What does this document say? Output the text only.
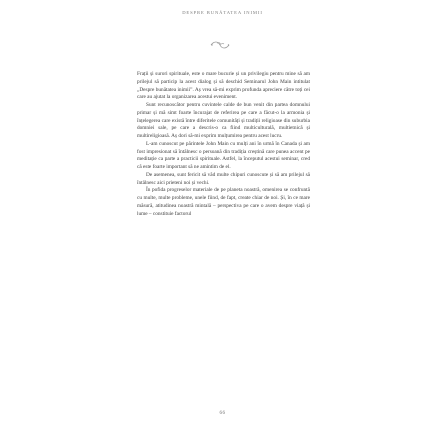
DESPRE BUNĂTATEA INIMII

Frații și surori spirituale, este o mare bucurie și un privilegiu pentru mine să am prilejul să particip la acest dialog și să deschid Seminarul John Main intitulat „Despre bunătatea inimii”. Aș vrea să-mi exprim profunda apreciere către toți cei care au ajutat la organizarea acestui eveniment.

Sunt recunoscător pentru cuvintele calde de bun venit din partea domnului primar și mă simt foarte încurajat de referirea pe care a făcut-o la armonia și înțelegerea care există între diferitele comunități și tradiții religioase din suburbia domniei sale, pe care a descris-o ca fiind multiculturală, multietnică și multireligioasă. Aș dori să-mi exprim mulțumirea pentru acest lucru.

L-am cunoscut pe părintele John Main cu mulți ani în urmă în Canada și am fost impresionat să întâlnesc o persoană din tradiția creștină care punea accent pe meditație ca parte a practicii spirituale. Astfel, la începutul acestui seminar, cred că este foarte important să ne amintim de el.

De asemenea, sunt fericit să văd multe chipuri cunoscute și să am prilejul să întâlnesc aici prieteni noi și vechi.

În pofida progreselor materiale de pe planeta noastră, omenirea se confruntă cu multe, multe probleme, unele fiind, de fapt, create chiar de noi. Și, în ce mare măsură, atitudinea noastră mintală – perspectiva pe care o avem despre viață și lume – constituie factorul

66
